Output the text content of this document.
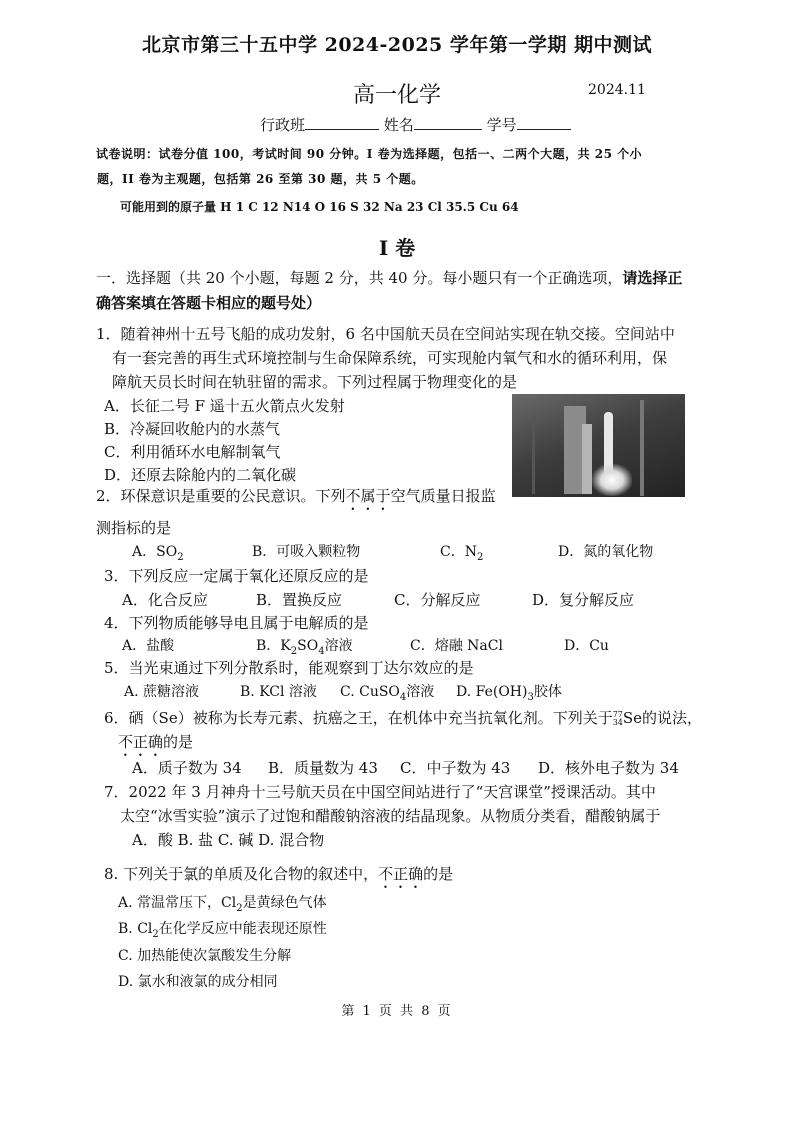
北京市第三十五中学 2024-2025 学年第一学期 期中测试
高一化学	2024.11
行政班	姓名	学号
试卷说明：试卷分值 100，考试时间 90 分钟。I 卷为选择题，包括一、二两个大题，共 25 个小
题，II 卷为主观题，包括第 26 至第 30 题，共 5 个题。
可能用到的原子量 H 1 C 12 N14 O 16 S 32 Na 23 Cl 35.5 Cu 64
I 卷
一．选择题（共 20 个小题，每题 2 分，共 40 分。每小题只有一个正确选项，请选择正
确答案填在答题卡相应的题号处）
1．随着神州十五号飞船的成功发射，6 名中国航天员在空间站实现在轨交接。空间站中
有一套完善的再生式环境控制与生命保障系统，可实现舱内氧气和水的循环利用，保
障航天员长时间在轨驻留的需求。下列过程属于物理变化的是
A．长征二号 F 遥十五火箭点火发射
B．冷凝回收舱内的水蒸气
C．利用循环水电解制氧气
D．还原去除舱内的二氧化碳
2．环保意识是重要的公民意识。下列不属于空气质量日报监
测指标的是
A．$SO_2$	B．可吸入颗粒物	C．$N_2$	D．氮的氧化物
3．下列反应一定属于氧化还原反应的是
A．化合反应	B．置换反应	C．分解反应	D．复分解反应
4．下列物质能够导电且属于电解质的是
A．盐酸	B．$K_2SO_4$溶液	C．熔融 NaCl	D．Cu
5．当光束通过下列分散系时，能观察到丁达尔效应的是
A. 蔗糖溶液	B. KCl 溶液 C. CuSO$_4$溶液 D. $Fe(OH)_3$胶体
6．硒（Se）被称为长寿元素、抗癌之王，在机体中充当抗氧化剂。下列关于77
34Se的说法，
不正确的是
A．质子数为 34 B．质量数为 43 C．中子数为 43 D．核外电子数为 34
7．2022 年 3 月神舟十三号航天员在中国空间站进行了“天宫课堂”授课活动。其中
太空“冰雪实验”演示了过饱和醋酸钠溶液的结晶现象。从物质分类看，醋酸钠属于
A．酸 B. 盐 C. 碱 D. 混合物
8. 下列关于氯的单质及化合物的叙述中，不正确的是
A. 常温常压下，$Cl_2$是黄绿色气体
B. $Cl_2$在化学反应中能表现还原性
C. 加热能使次氯酸发生分解
D. 氯水和液氯的成分相同
第 1 页 共 8 页
